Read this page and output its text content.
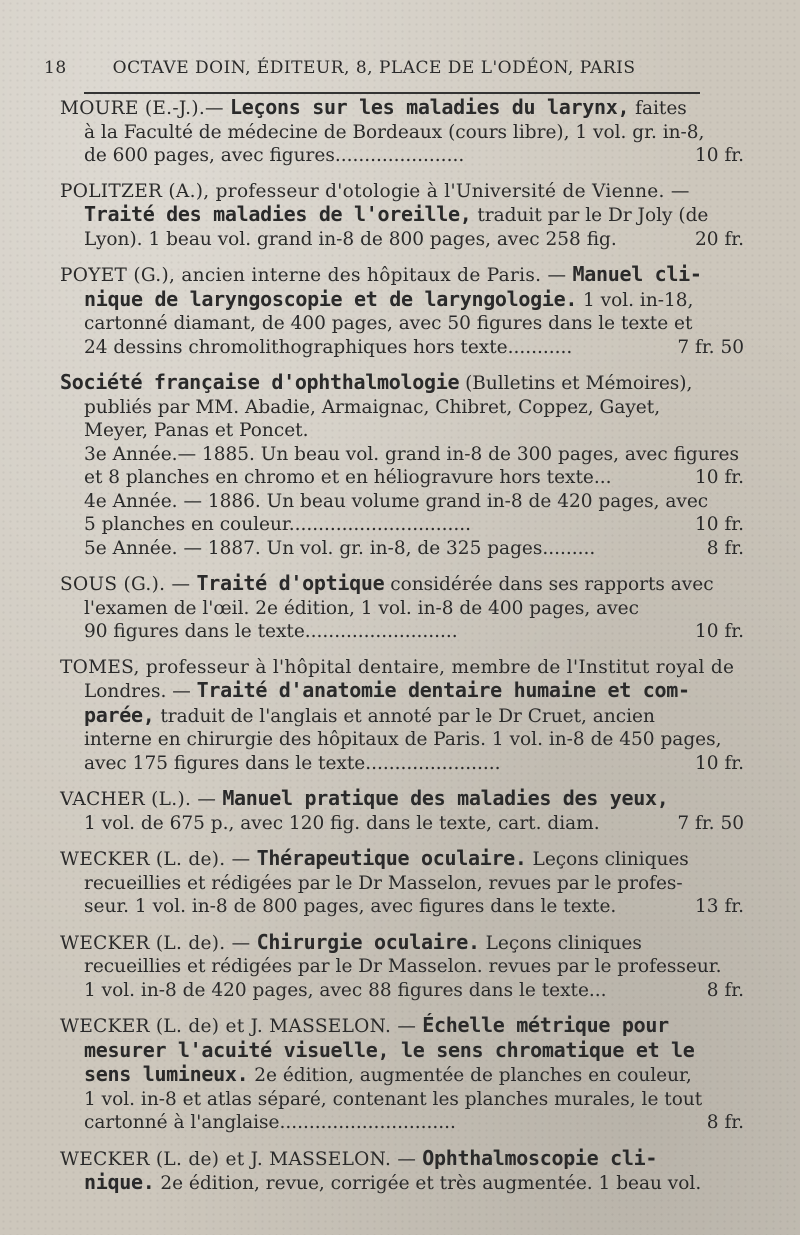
18	OCTAVE DOIN, ÉDITEUR, 8, PLACE DE L'ODÉON, PARIS
MOURE (E.-J.).— Leçons sur les maladies du larynx, faites
à la Faculté de médecine de Bordeaux (cours libre), 1 vol. gr. in-8,
de 600 pages, avec figures......................	10 fr.
POLITZER (A.), professeur d'otologie à l'Université de Vienne. —
Traité des maladies de l'oreille, traduit par le Dr Joly (de
Lyon). 1 beau vol. grand in-8 de 800 pages, avec 258 fig.	20 fr.
POYET (G.), ancien interne des hôpitaux de Paris. — Manuel cli-
nique de laryngoscopie et de laryngologie. 1 vol. in-18,
cartonné diamant, de 400 pages, avec 50 figures dans le texte et
24 dessins chromolithographiques hors texte...........	7 fr. 50
Société française d'ophthalmologie (Bulletins et Mémoires),
publiés par MM. Abadie, Armaignac, Chibret, Coppez, Gayet,
Meyer, Panas et Poncet.
3e Année.— 1885. Un beau vol. grand in-8 de 300 pages, avec figures
et 8 planches en chromo et en héliogravure hors texte...	10 fr.
4e Année. — 1886. Un beau volume grand in-8 de 420 pages, avec
5 planches en couleur...............................	10 fr.
5e Année. — 1887. Un vol. gr. in-8, de 325 pages.........	8 fr.
SOUS (G.). — Traité d'optique considérée dans ses rapports avec
l'examen de l'œil. 2e édition, 1 vol. in-8 de 400 pages, avec
90 figures dans le texte..........................	10 fr.
TOMES, professeur à l'hôpital dentaire, membre de l'Institut royal de
Londres. — Traité d'anatomie dentaire humaine et com-
parée, traduit de l'anglais et annoté par le Dr Cruet, ancien
interne en chirurgie des hôpitaux de Paris. 1 vol. in-8 de 450 pages,
avec 175 figures dans le texte.......................	10 fr.
VACHER (L.). — Manuel pratique des maladies des yeux,
1 vol. de 675 p., avec 120 fig. dans le texte, cart. diam.	7 fr. 50
WECKER (L. de). — Thérapeutique oculaire. Leçons cliniques
recueillies et rédigées par le Dr Masselon, revues par le profes-
seur. 1 vol. in-8 de 800 pages, avec figures dans le texte.	13 fr.
WECKER (L. de). — Chirurgie oculaire. Leçons cliniques
recueillies et rédigées par le Dr Masselon. revues par le professeur.
1 vol. in-8 de 420 pages, avec 88 figures dans le texte...	8 fr.
WECKER (L. de) et J. MASSELON. — Échelle métrique pour
mesurer l'acuité visuelle, le sens chromatique et le
sens lumineux. 2e édition, augmentée de planches en couleur,
1 vol. in-8 et atlas séparé, contenant les planches murales, le tout
cartonné à l'anglaise..............................	8 fr.
WECKER (L. de) et J. MASSELON. — Ophthalmoscopie cli-
nique. 2e édition, revue, corrigée et très augmentée. 1 beau vol.
